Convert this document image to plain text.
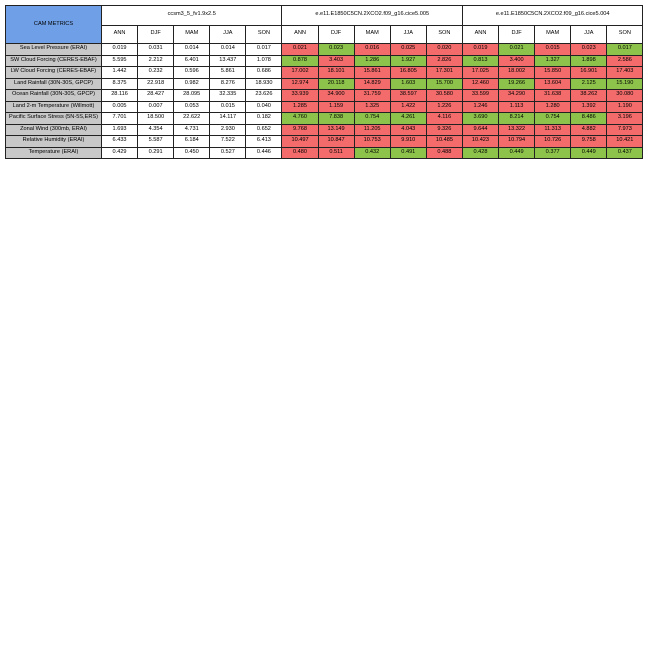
CAM METRICS	ccsm3_5_fv1.9x2.5					e.e11.E1850C5CN.2XCO2.f09_g16.cice5.005					e.e11.E1850C5CN.2XCO2.f09_g16.cice5.004				
	ANN	DJF	MAM	JJA	SON	ANN	DJF	MAM	JJA	SON	ANN	DJF	MAM	JJA	SON
Sea Level Pressure (ERAI)	0.019	0.031	0.014	0.014	0.017	0.021	0.023	0.016	0.025	0.020	0.019	0.021	0.015	0.023	0.017
SW Cloud Forcing (CERES-EBAF)	5.595	2.212	6.401	13.437	1.078	0.878	3.403	1.286	1.927	2.826	0.813	3.400	1.327	1.898	2.586
LW Cloud Forcing (CERES-EBAF)	1.442	0.232	0.596	5.861	0.686	17.002	18.101	15.861	16.805	17.301	17.025	18.002	15.850	16.901	17.403
Land Rainfall (30N-30S, GPCP)	8.375	22.918	0.982	8.276	18.930	12.974	20.118	14.829	1.603	15.700	12.460	19.266	13.604	2.125	15.190
Ocean Rainfall (30N-30S, GPCP)	28.116	28.427	28.095	32.335	23.626	33.939	34.900	31.759	38.597	30.580	33.599	34.290	31.638	38.262	30.080
Land 2-m Temperature (Willmott)	0.005	0.007	0.053	0.015	0.040	1.285	1.159	1.325	1.422	1.226	1.246	1.113	1.280	1.392	1.190
Pacific Surface Stress (5N-5S,ERS)	7.701	18.500	22.622	14.117	0.182	4.760	7.838	0.754	4.261	4.116	3.690	8.214	0.754	8.486	3.196
Zonal Wind (300mb, ERAI)	1.693	4.354	4.731	2.930	0.652	9.768	13.149	11.205	4.043	9.326	9.644	13.322	11.313	4.882	7.973
Relative Humidity (ERAI)	6.433	5.587	6.184	7.522	6.413	10.497	10.847	10.753	9.910	10.485	10.423	10.794	10.726	9.758	10.421
Temperature (ERAI)	0.429	0.291	0.450	0.527	0.446	0.480	0.511	0.432	0.491	0.488	0.428	0.449	0.377	0.449	0.437
